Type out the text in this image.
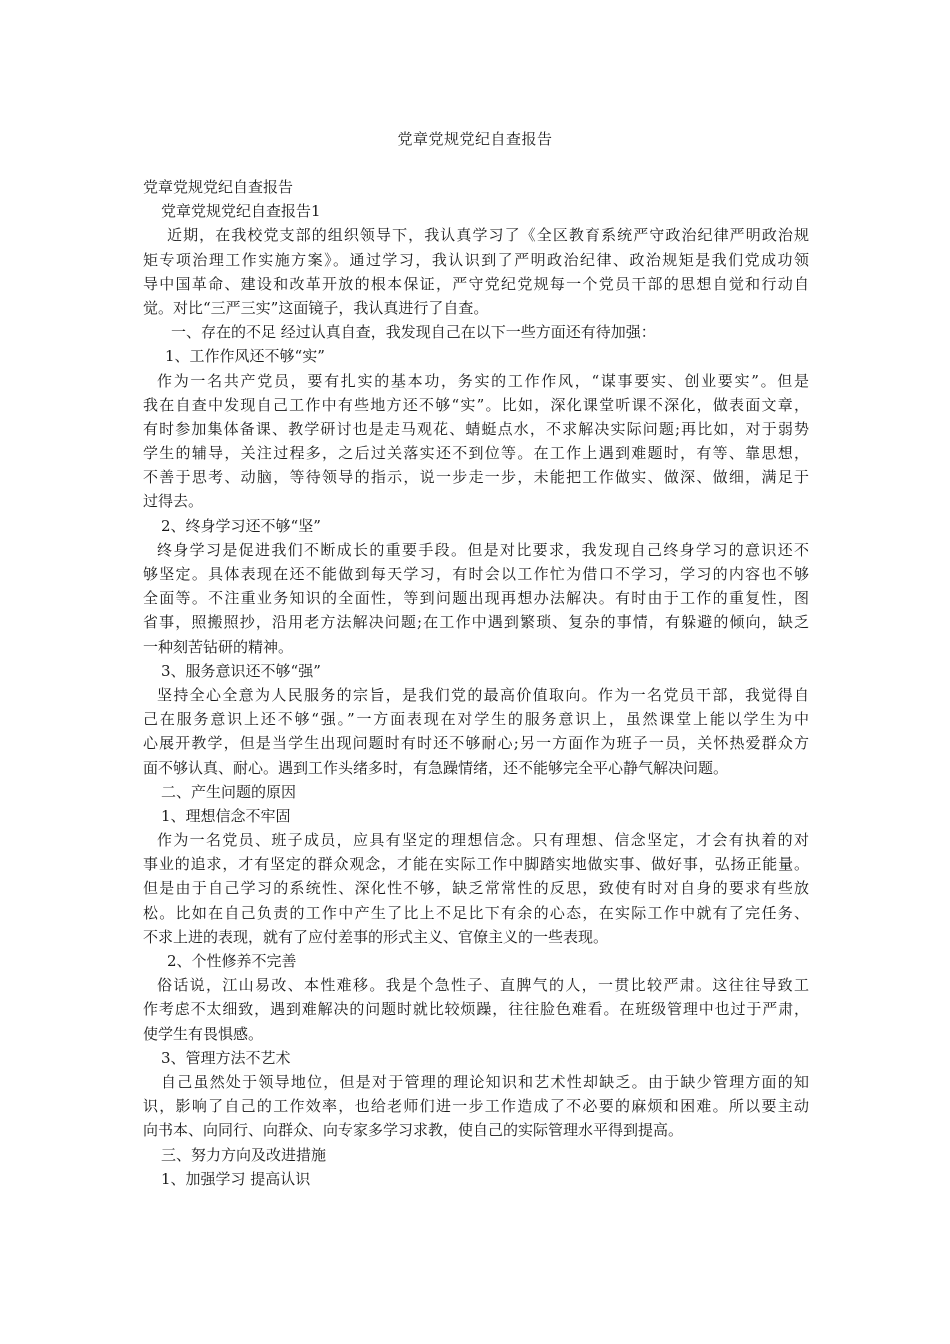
党章党规党纪自查报告
党章党规党纪自查报告
党章党规党纪自查报告1
近期，在我校党支部的组织领导下，我认真学习了《全区教育系统严守政治纪律严明政治规
矩专项治理工作实施方案》。通过学习，我认识到了严明政治纪律、政治规矩是我们党成功领
导中国革命、建设和改革开放的根本保证，严守党纪党规每一个党员干部的思想自觉和行动自
觉。对比“三严三实”这面镜子，我认真进行了自查。
一、存在的不足 经过认真自查，我发现自己在以下一些方面还有待加强：
1、工作作风还不够“实”
作为一名共产党员，要有扎实的基本功，务实的工作作风，“谋事要实、创业要实”。但是
我在自查中发现自己工作中有些地方还不够“实”。比如，深化课堂听课不深化，做表面文章，
有时参加集体备课、教学研讨也是走马观花、蜻蜓点水，不求解决实际问题;再比如，对于弱势
学生的辅导，关注过程多，之后过关落实还不到位等。在工作上遇到难题时，有等、靠思想，
不善于思考、动脑，等待领导的指示，说一步走一步，未能把工作做实、做深、做细，满足于
过得去。
2、终身学习还不够“坚”
终身学习是促进我们不断成长的重要手段。但是对比要求，我发现自己终身学习的意识还不
够坚定。具体表现在还不能做到每天学习，有时会以工作忙为借口不学习，学习的内容也不够
全面等。不注重业务知识的全面性，等到问题出现再想办法解决。有时由于工作的重复性，图
省事，照搬照抄，沿用老方法解决问题;在工作中遇到繁琐、复杂的事情，有躲避的倾向，缺乏
一种刻苦钻研的精神。
3、服务意识还不够“强”
坚持全心全意为人民服务的宗旨，是我们党的最高价值取向。作为一名党员干部，我觉得自
己在服务意识上还不够“强。”一方面表现在对学生的服务意识上，虽然课堂上能以学生为中
心展开教学，但是当学生出现问题时有时还不够耐心;另一方面作为班子一员，关怀热爱群众方
面不够认真、耐心。遇到工作头绪多时，有急躁情绪，还不能够完全平心静气解决问题。
二、产生问题的原因
1、理想信念不牢固
作为一名党员、班子成员，应具有坚定的理想信念。只有理想、信念坚定，才会有执着的对
事业的追求，才有坚定的群众观念，才能在实际工作中脚踏实地做实事、做好事，弘扬正能量。
但是由于自己学习的系统性、深化性不够，缺乏常常性的反思，致使有时对自身的要求有些放
松。比如在自己负责的工作中产生了比上不足比下有余的心态，在实际工作中就有了完任务、
不求上进的表现，就有了应付差事的形式主义、官僚主义的一些表现。
2、个性修养不完善
俗话说，江山易改、本性难移。我是个急性子、直脾气的人，一贯比较严肃。这往往导致工
作考虑不太细致，遇到难解决的问题时就比较烦躁，往往脸色难看。在班级管理中也过于严肃，
使学生有畏惧感。
3、管理方法不艺术
自己虽然处于领导地位，但是对于管理的理论知识和艺术性却缺乏。由于缺少管理方面的知
识，影响了自己的工作效率，也给老师们进一步工作造成了不必要的麻烦和困难。所以要主动
向书本、向同行、向群众、向专家多学习求教，使自己的实际管理水平得到提高。
三、努力方向及改进措施
1、加强学习 提高认识
